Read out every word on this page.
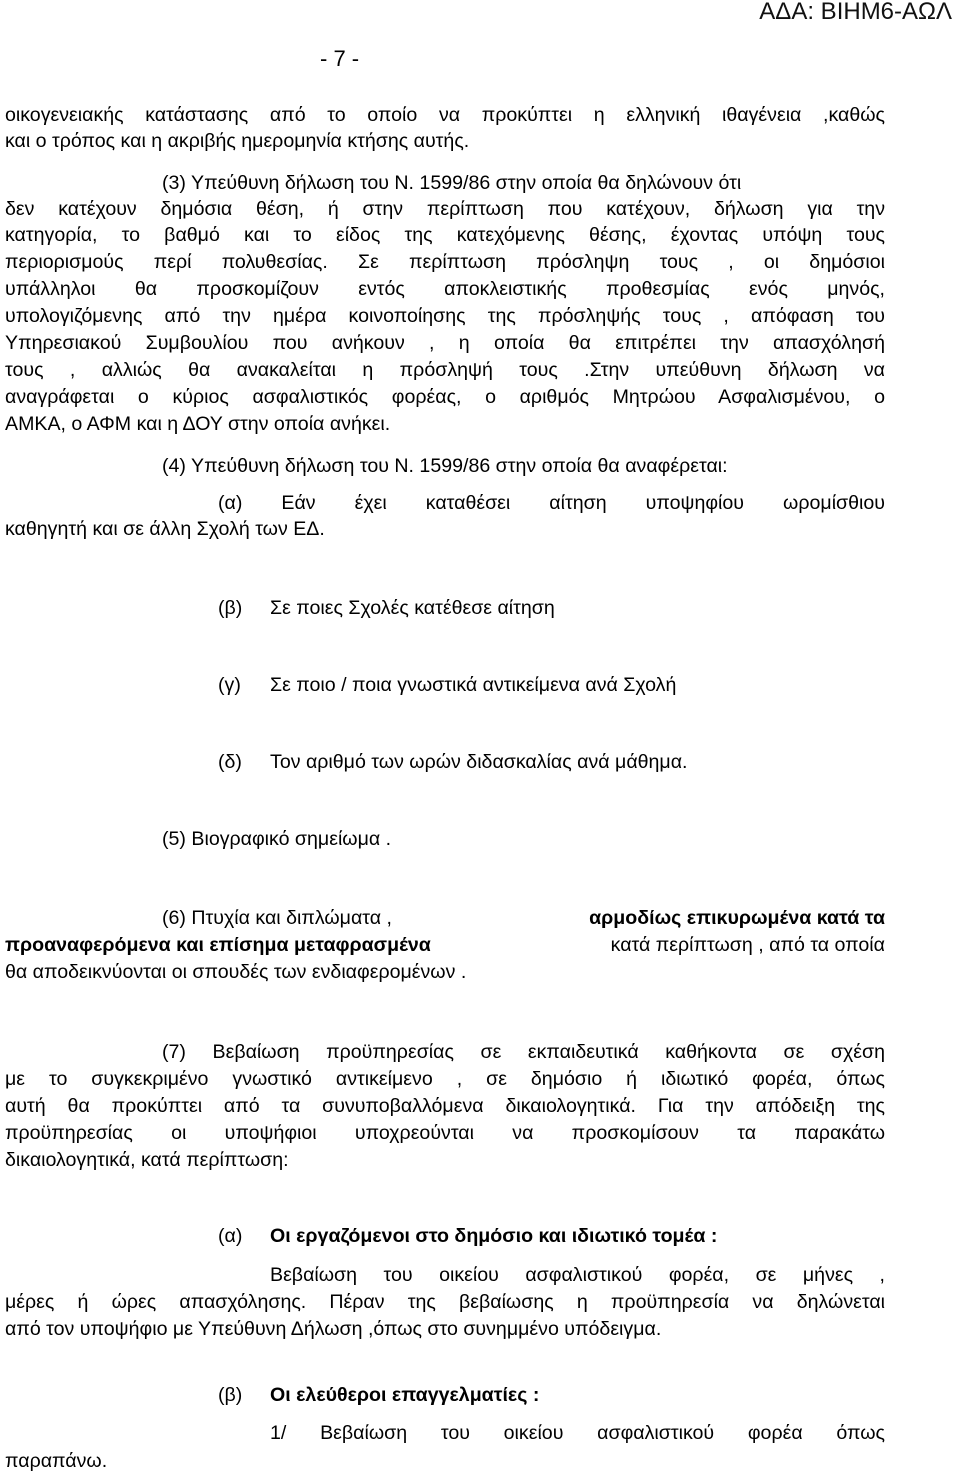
ΑΔΑ: ΒΙΗΜ6-ΑΩΛ
- 7 -
οικογενειακής κατάστασης από το οποίο να προκύπτει η ελληνική ιθαγένεια ,καθώς
και ο τρόπος και η ακριβής ημερομηνία κτήσης αυτής.
(3) Υπεύθυνη δήλωση του Ν. 1599/86 στην οποία θα δηλώνουν ότι
δεν κατέχουν δημόσια θέση, ή στην περίπτωση που κατέχουν, δήλωση για την
κατηγορία, το βαθμό και το είδος της κατεχόμενης θέσης, έχοντας υπόψη τους
περιορισμούς περί πολυθεσίας. Σε περίπτωση πρόσληψη τους , οι δημόσιοι
υπάλληλοι θα προσκομίζουν εντός αποκλειστικής προθεσμίας ενός μηνός,
υπολογιζόμενης από την ημέρα κοινοποίησης της πρόσληψής τους , απόφαση του
Υπηρεσιακού Συμβουλίου που ανήκουν , η οποία θα επιτρέπει την απασχόλησή
τους , αλλιώς θα ανακαλείται η πρόσληψή τους .Στην υπεύθυνη δήλωση να
αναγράφεται ο κύριος ασφαλιστικός φορέας, ο αριθμός Μητρώου Ασφαλισμένου, ο
ΑΜΚΑ, ο ΑΦΜ και η ΔΟΥ στην οποία ανήκει.
(4) Υπεύθυνη δήλωση του Ν. 1599/86 στην οποία θα αναφέρεται:
(α) Εάν έχει καταθέσει αίτηση υποψηφίου ωρομίσθιου
καθηγητή και σε άλλη Σχολή των ΕΔ.
(β)	Σε ποιες Σχολές κατέθεσε αίτηση
(γ)	Σε ποιο / ποια γνωστικά αντικείμενα ανά Σχολή
(δ)	Τον αριθμό των ωρών διδασκαλίας ανά μάθημα.
(5) Βιογραφικό σημείωμα .
(6) Πτυχία και διπλώματα ,	αρμοδίως επικυρωμένα κατά τα
προαναφερόμενα και επίσημα μεταφρασμένα	κατά περίπτωση , από τα οποία
θα αποδεικνύονται οι σπουδές των ενδιαφερομένων .
(7) Βεβαίωση προϋπηρεσίας σε εκπαιδευτικά καθήκοντα σε σχέση
με το συγκεκριμένο γνωστικό αντικείμενο , σε δημόσιο ή ιδιωτικό φορέα, όπως
αυτή θα προκύπτει από τα συνυποβαλλόμενα δικαιολογητικά. Για την απόδειξη της
προϋπηρεσίας οι υποψήφιοι υποχρεούνται να προσκομίσουν τα παρακάτω
δικαιολογητικά, κατά περίπτωση:
(α)	Οι εργαζόμενοι στο δημόσιο και ιδιωτικό τομέα :
Βεβαίωση του οικείου ασφαλιστικού φορέα, σε μήνες ,
μέρες ή ώρες απασχόλησης. Πέραν της βεβαίωσης η προϋπηρεσία να δηλώνεται
από τον υποψήφιο με Υπεύθυνη Δήλωση ,όπως στο συνημμένο υπόδειγμα.
(β)	Οι ελεύθεροι επαγγελματίες :
1/ Βεβαίωση του οικείου ασφαλιστικού φορέα όπως
παραπάνω.
